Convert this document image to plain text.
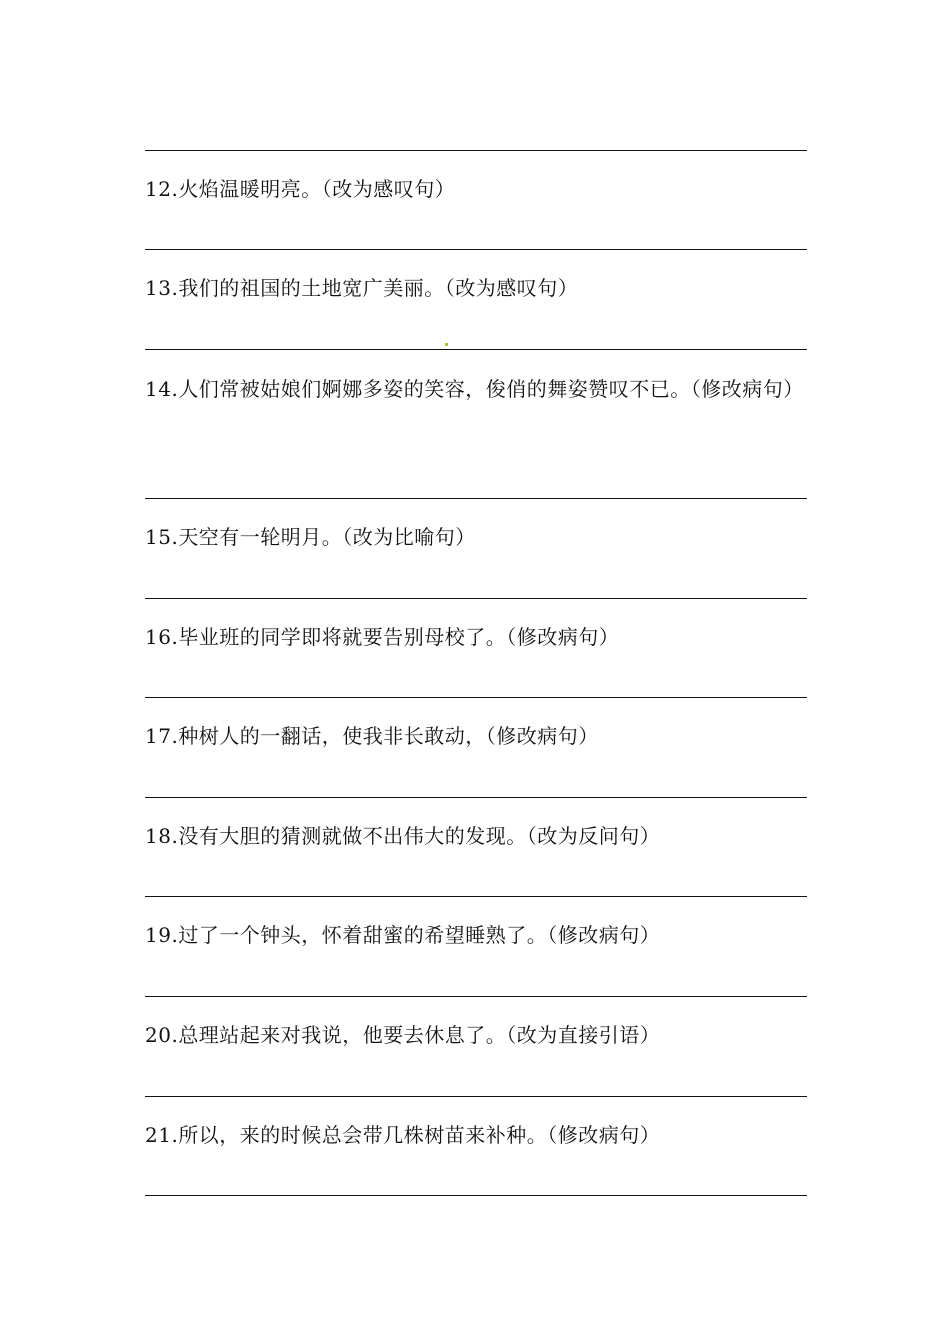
12.火焰温暖明亮。（改为感叹句）
13.我们的祖国的土地宽广美丽。（改为感叹句）
14.人们常被姑娘们婀娜多姿的笑容，俊俏的舞姿赞叹不已。（修改病句）
15.天空有一轮明月。（改为比喻句）
16.毕业班的同学即将就要告别母校了。（修改病句）
17.种树人的一翻话，使我非长敢动，（修改病句）
18.没有大胆的猜测就做不出伟大的发现。（改为反问句）
19.过了一个钟头，怀着甜蜜的希望睡熟了。（修改病句）
20.总理站起来对我说，他要去休息了。（改为直接引语）
21.所以，来的时候总会带几株树苗来补种。（修改病句）
